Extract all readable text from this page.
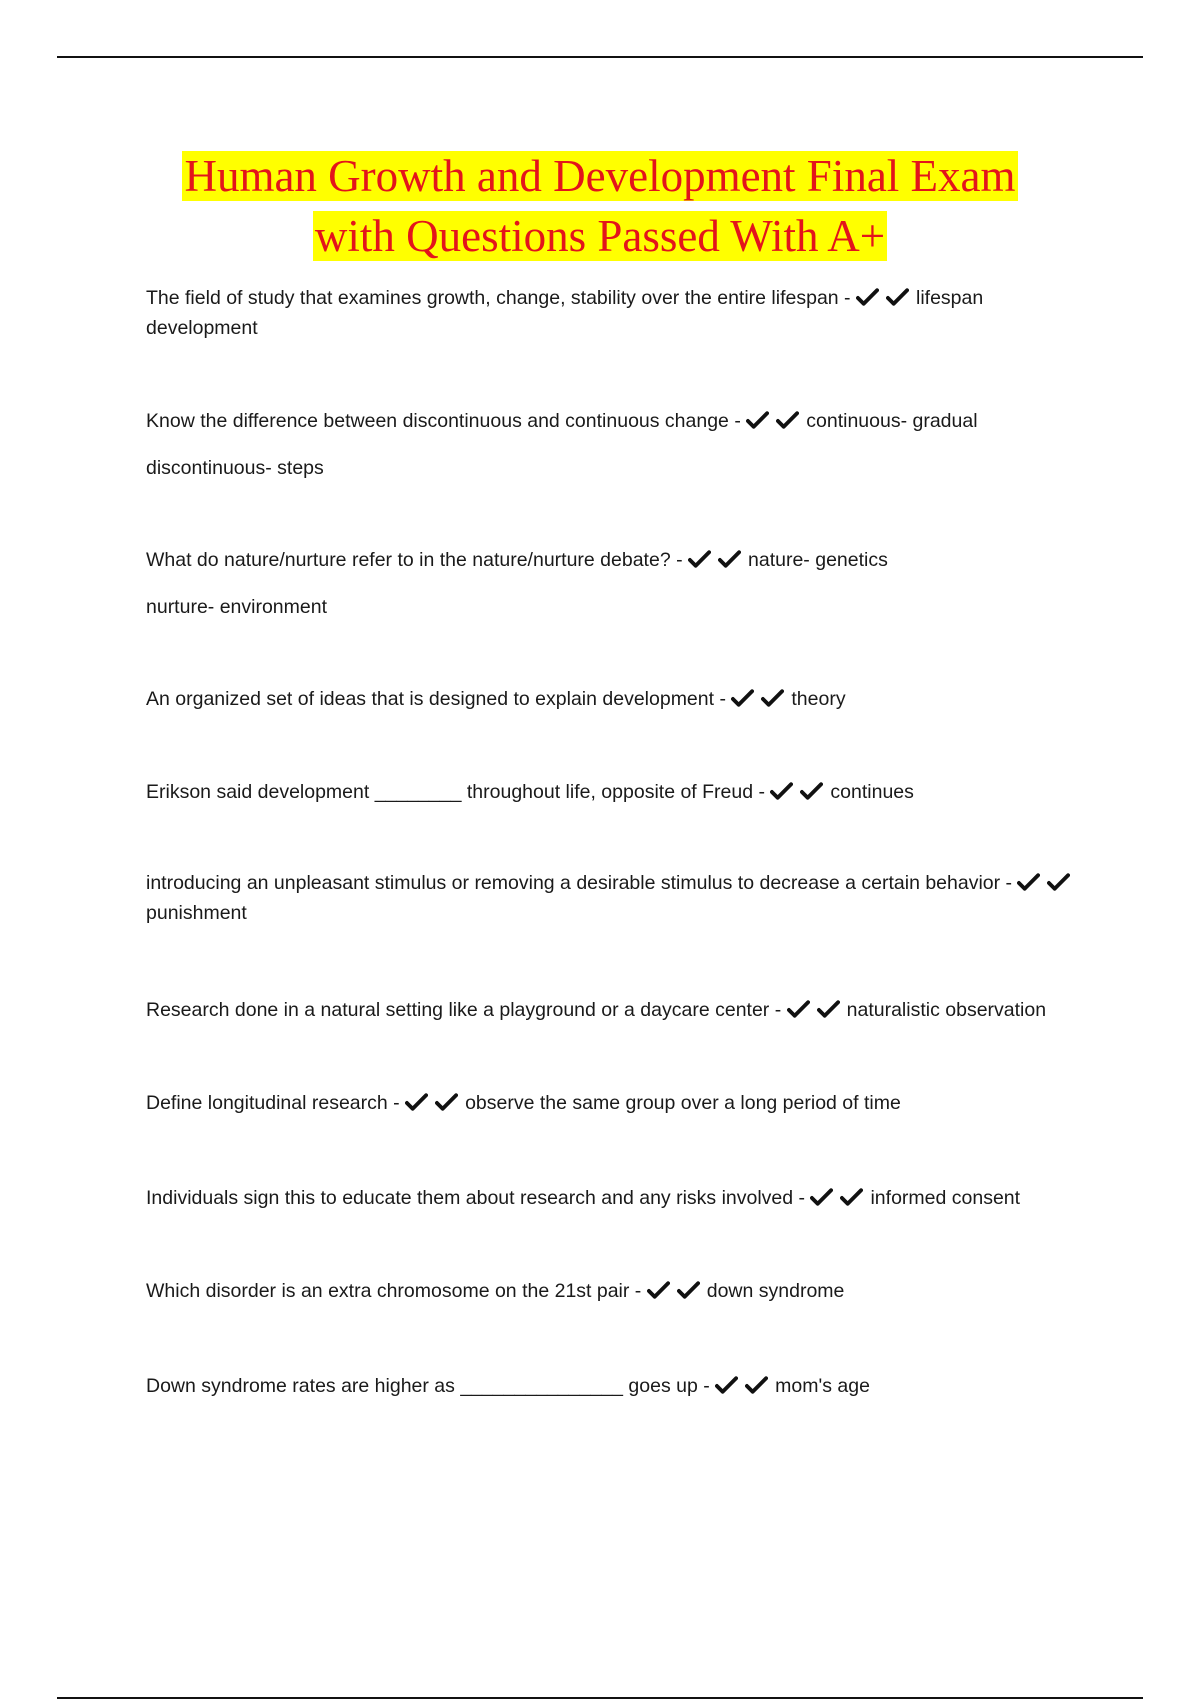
Human Growth and Development Final Exam
with Questions Passed With A+
The field of study that examines growth, change, stability over the entire lifespan -	lifespan development
Know the difference between discontinuous and continuous change -	continuous- gradual
discontinuous- steps
What do nature/nurture refer to in the nature/nurture debate? -	nature- genetics
nurture- environment
An organized set of ideas that is designed to explain development -	theory
Erikson said development ________ throughout life, opposite of Freud -	continues
introducing an unpleasant stimulus or removing a desirable stimulus to decrease a certain behavior -
punishment
Research done in a natural setting like a playground or a daycare center -	naturalistic observation
Define longitudinal research -	observe the same group over a long period of time
Individuals sign this to educate them about research and any risks involved -	informed consent
Which disorder is an extra chromosome on the 21st pair -	down syndrome
Down syndrome rates are higher as _______________ goes up -	mom's age
